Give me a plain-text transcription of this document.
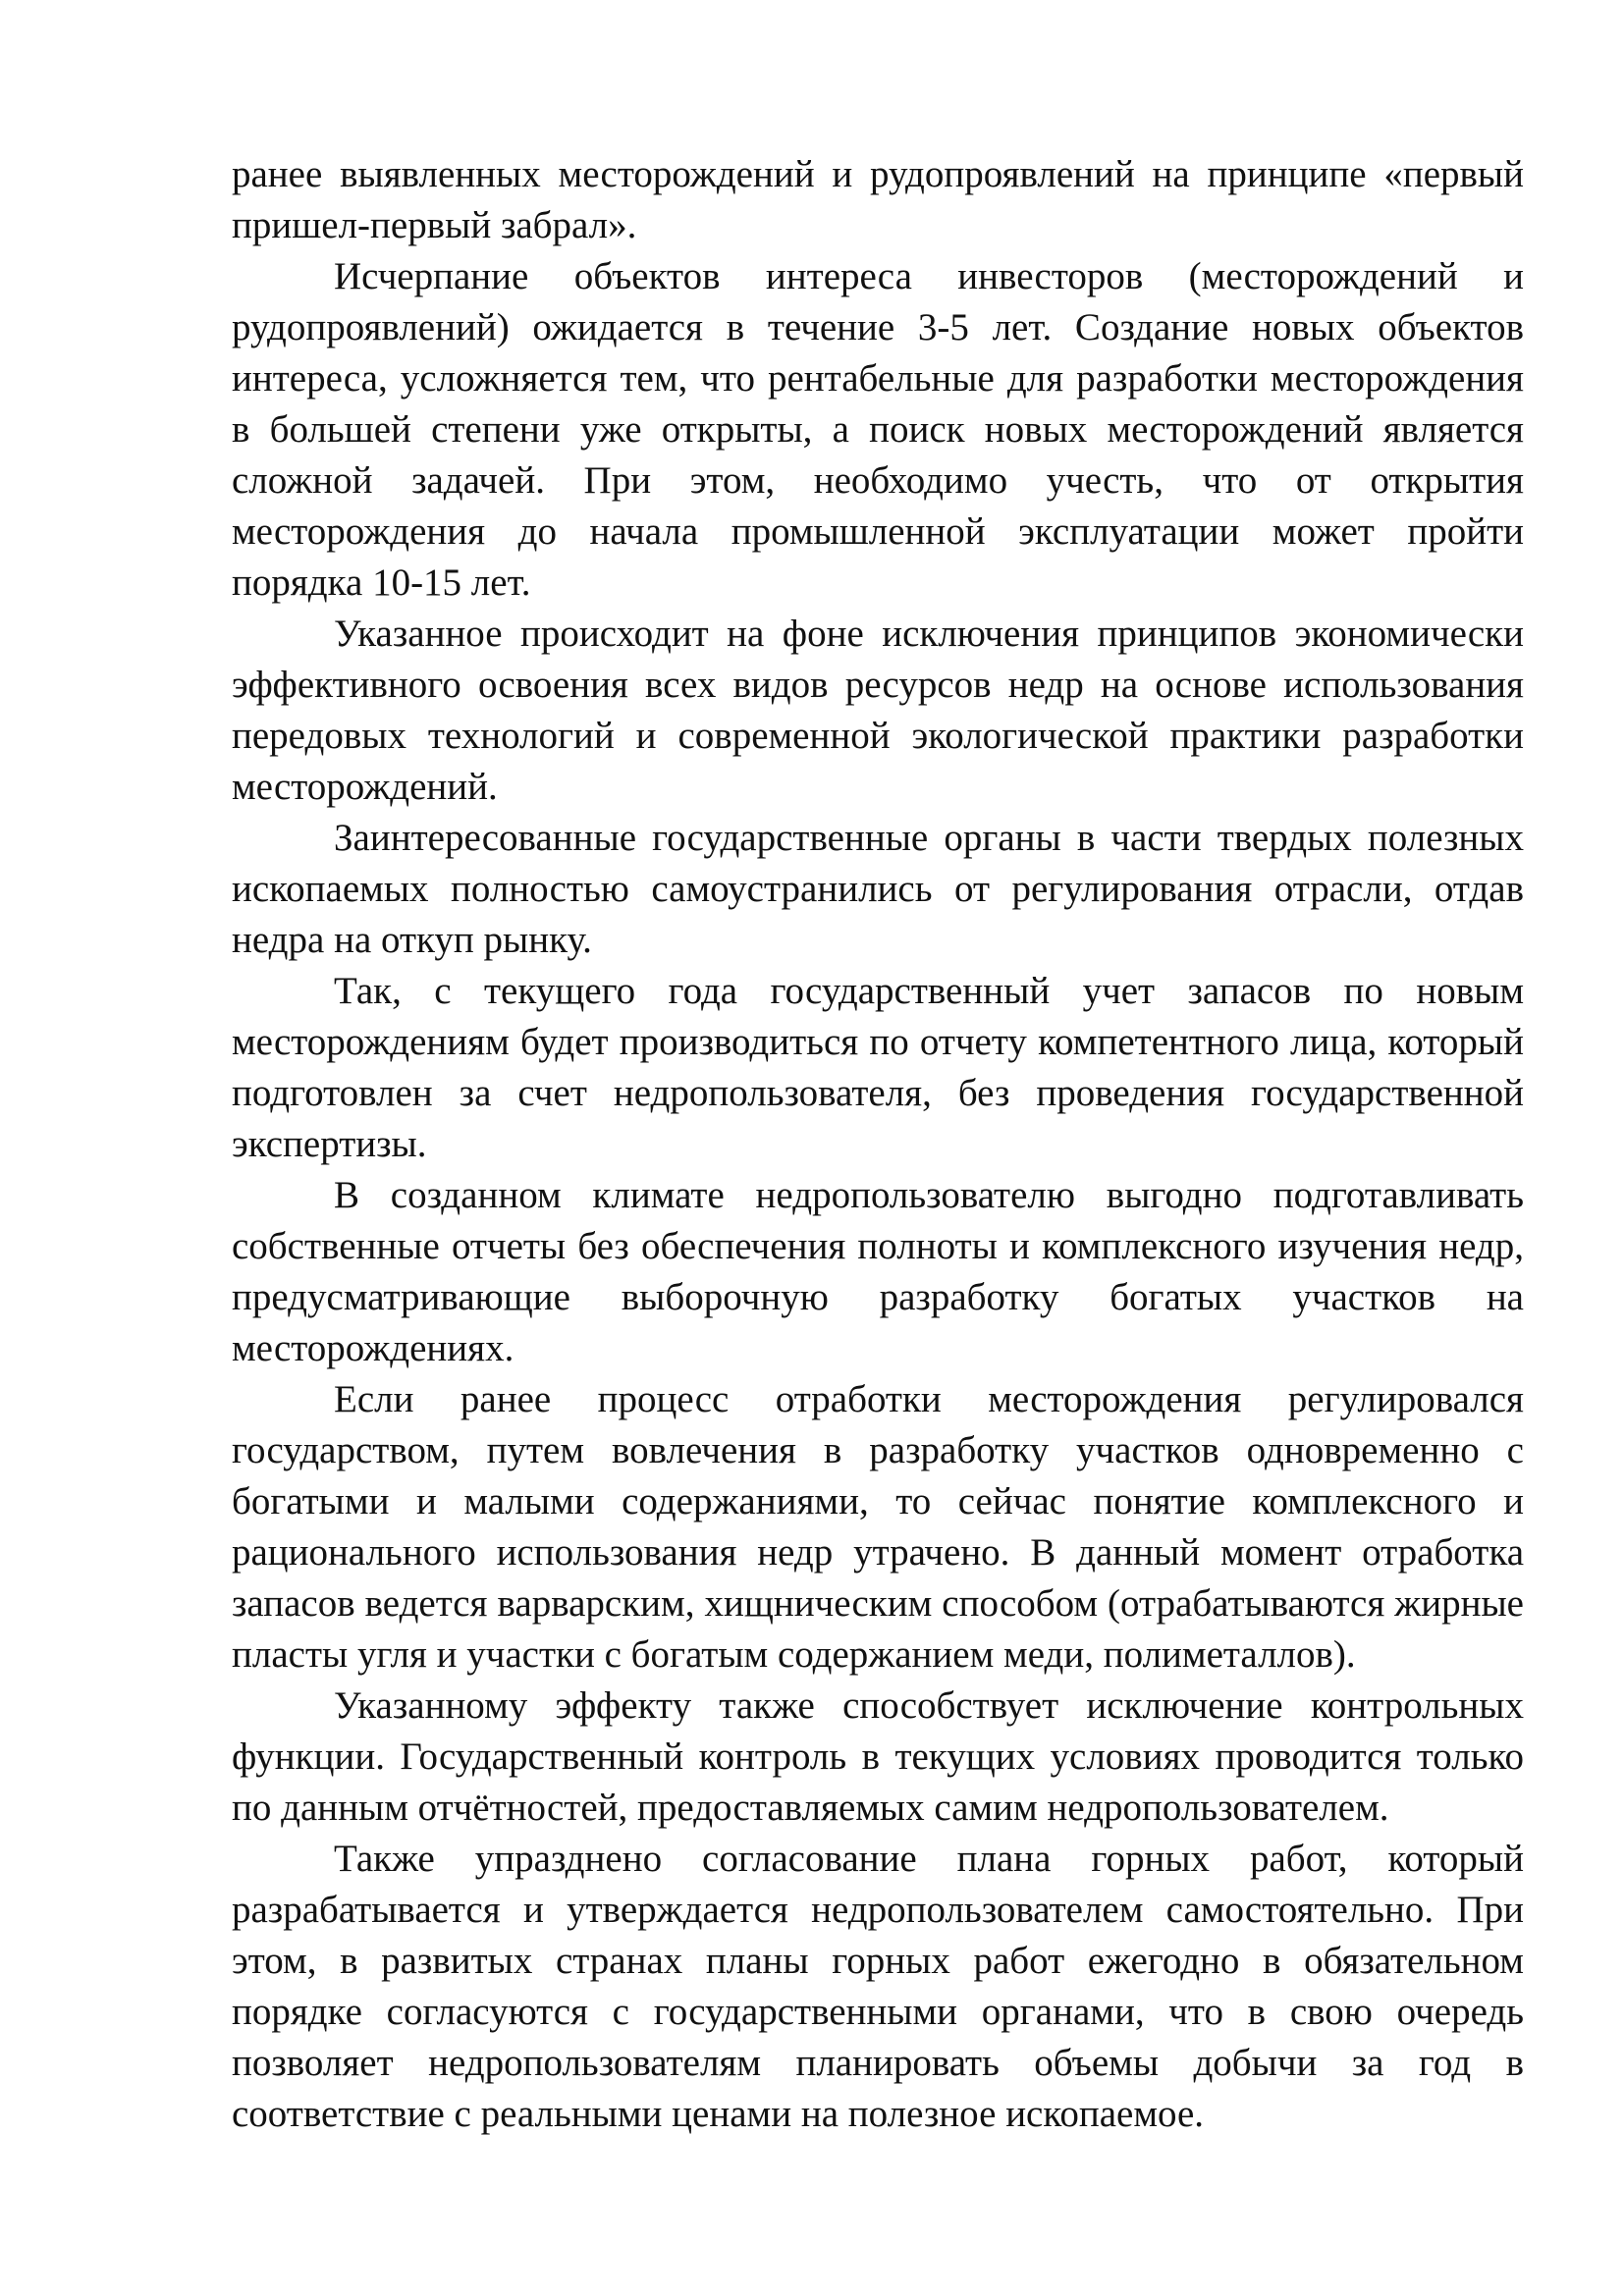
ранее выявленных месторождений и рудопроявлений на принципе «первый пришел-первый забрал».

Исчерпание объектов интереса инвесторов (месторождений и рудопроявлений) ожидается в течение 3-5 лет. Создание новых объектов интереса, усложняется тем, что рентабельные для разработки месторождения в большей степени уже открыты, а поиск новых месторождений является сложной задачей. При этом, необходимо учесть, что от открытия месторождения до начала промышленной эксплуатации может пройти порядка 10-15 лет.

Указанное происходит на фоне исключения принципов экономически эффективного освоения всех видов ресурсов недр на основе использования передовых технологий и современной экологической практики разработки месторождений.

Заинтересованные государственные органы в части твердых полезных ископаемых полностью самоустранились от регулирования отрасли, отдав недра на откуп рынку.

Так, с текущего года государственный учет запасов по новым месторождениям будет производиться по отчету компетентного лица, который подготовлен за счет недропользователя, без проведения государственной экспертизы.

В созданном климате недропользователю выгодно подготавливать собственные отчеты без обеспечения полноты и комплексного изучения недр, предусматривающие выборочную разработку богатых участков на месторождениях.

Если ранее процесс отработки месторождения регулировался государством, путем вовлечения в разработку участков одновременно с богатыми и малыми содержаниями, то сейчас понятие комплексного и рационального использования недр утрачено. В данный момент отработка запасов ведется варварским, хищническим способом (отрабатываются жирные пласты угля и участки с богатым содержанием меди, полиметаллов).

Указанному эффекту также способствует исключение контрольных функции. Государственный контроль в текущих условиях проводится только по данным отчётностей, предоставляемых самим недропользователем.

Также упразднено согласование плана горных работ, который разрабатывается и утверждается недропользователем самостоятельно. При этом, в развитых странах планы горных работ ежегодно в обязательном порядке согласуются с государственными органами, что в свою очередь позволяет недропользователям планировать объемы добычи за год в соответствие с реальными ценами на полезное ископаемое.
